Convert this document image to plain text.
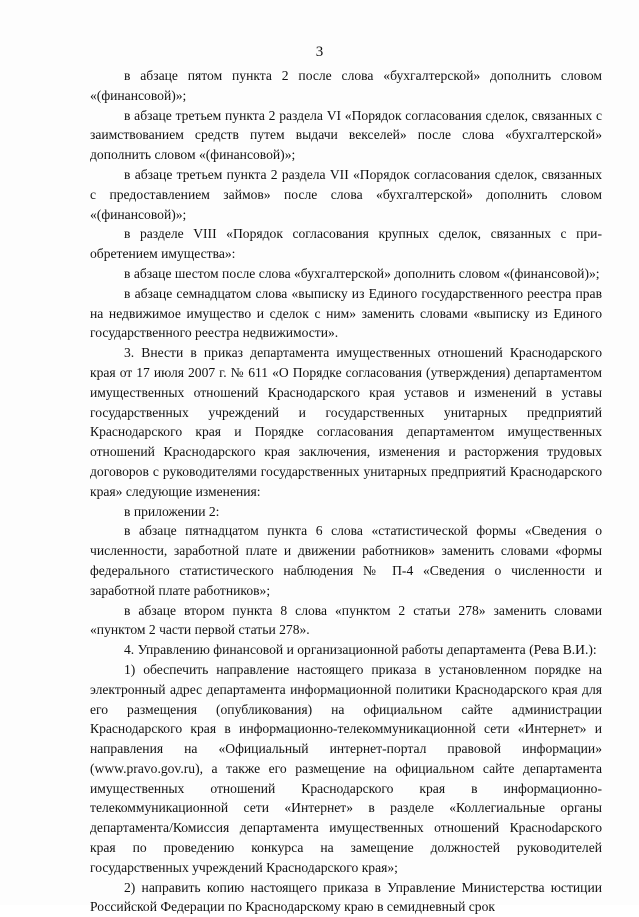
3

в абзаце пятом пункта 2 после слова «бухгалтерской» дополнить словом «(финансовой)»;

в абзаце третьем пункта 2 раздела VI «Порядок согласования сделок, связанных с заимствованием средств путем выдачи векселей» после слова «бухгалтерской» дополнить словом «(финансовой)»;

в абзаце третьем пункта 2 раздела VII «Порядок согласования сделок, связанных с предоставлением займов» после слова «бухгалтерской» дополнить словом «(финансовой)»;

в разделе VIII «Порядок согласования крупных сделок, связанных с приобретением имущества»:

в абзаце шестом после слова «бухгалтерской» дополнить словом «(финансовой)»;

в абзаце семнадцатом слова «выписку из Единого государственного реестра прав на недвижимое имущество и сделок с ним» заменить словами «выписку из Единого государственного реестра недвижимости».

3. Внести в приказ департамента имущественных отношений Краснодарского края от 17 июля 2007 г. № 611 «О Порядке согласования (утверждения) департаментом имущественных отношений Краснодарского края уставов и изменений в уставы государственных учреждений и государственных унитарных предприятий Краснодарского края и Порядке согласования департаментом имущественных отношений Краснодарского края заключения, изменения и расторжения трудовых договоров с руководителями государственных унитарных предприятий Краснодарского края» следующие изменения:

в приложении 2:

в абзаце пятнадцатом пункта 6 слова «статистической формы «Сведения о численности, заработной плате и движении работников» заменить словами «формы федерального статистического наблюдения № П-4 «Сведения о численности и заработной плате работников»;

в абзаце втором пункта 8 слова «пунктом 2 статьи 278» заменить словами «пунктом 2 части первой статьи 278».

4. Управлению финансовой и организационной работы департамента (Рева В.И.):

1) обеспечить направление настоящего приказа в установленном порядке на электронный адрес департамента информационной политики Краснодарского края для его размещения (опубликования) на официальном сайте администрации Краснодарского края в информационно-телекоммуникационной сети «Интернет» и направления на «Официальный интернет-портал правовой информации» (www.pravo.gov.ru), а также его размещение на официальном сайте департамента имущественных отношений Краснодарского края в информационно-телекоммуникационной сети «Интернет» в разделе «Коллегиальные органы департамента/Комиссия департамента имущественных отношений Красноdарского края по проведению конкурса на замещение должностей руководителей государственных учреждений Краснодарского края»;

2) направить копию настоящего приказа в Управление Министерства юстиции Российской Федерации по Краснодарскому краю в семидневный срок
